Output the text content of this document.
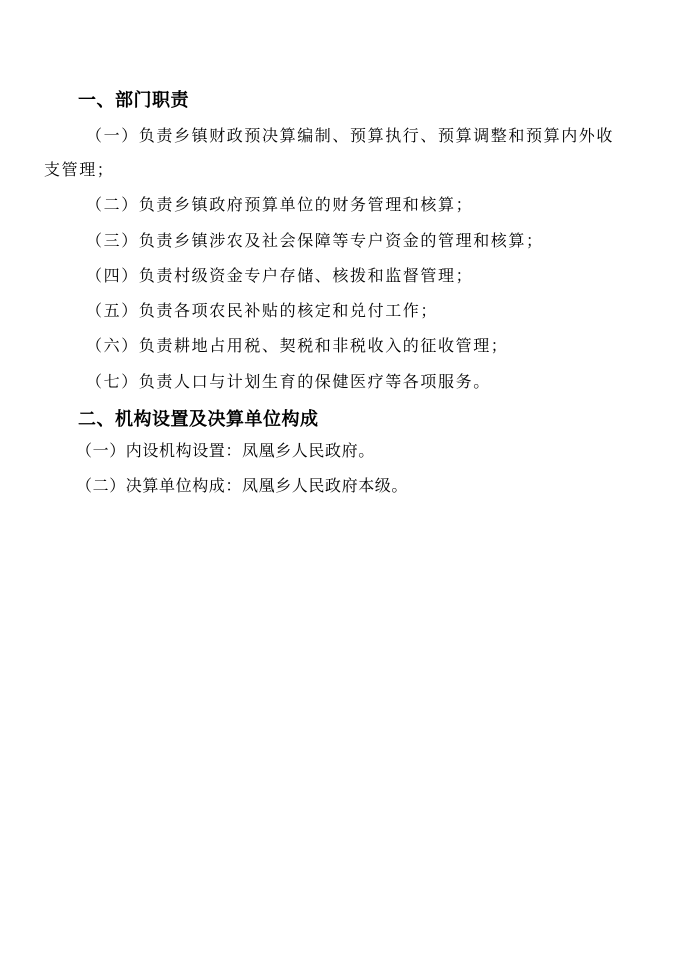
一、部门职责
（一）负责乡镇财政预决算编制、预算执行、预算调整和预算内外收
支管理；
（二）负责乡镇政府预算单位的财务管理和核算；
（三）负责乡镇涉农及社会保障等专户资金的管理和核算；
（四）负责村级资金专户存储、核拨和监督管理；
（五）负责各项农民补贴的核定和兑付工作；
（六）负责耕地占用税、契税和非税收入的征收管理；
（七）负责人口与计划生育的保健医疗等各项服务。
二、机构设置及决算单位构成
（一）内设机构设置：凤凰乡人民政府。
（二）决算单位构成：凤凰乡人民政府本级。
